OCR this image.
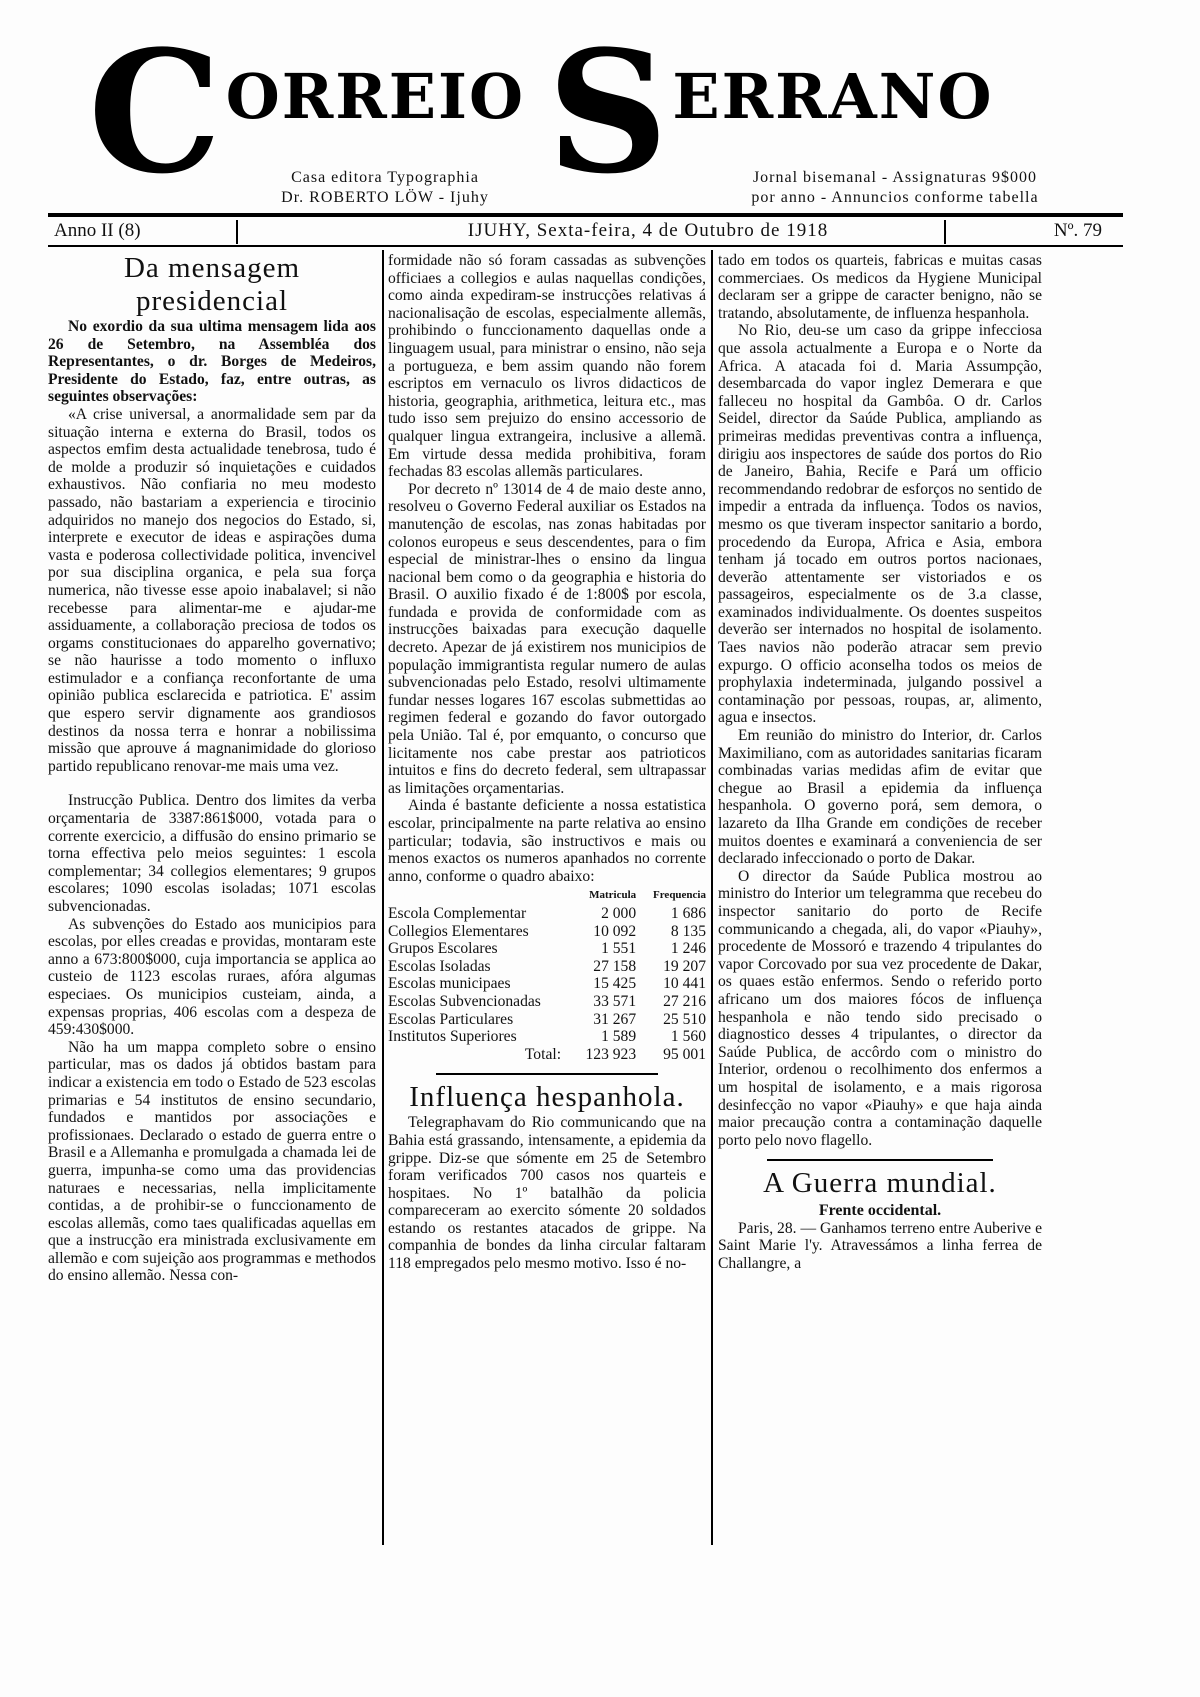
C ORREIO S ERRANO
Casa editora Typographia
Dr. ROBERTO LÖW - Ijuhy
Jornal bisemanal - Assignaturas 9$000
por anno - Annuncios conforme tabella
Anno II (8)	IJUHY, Sexta-feira, 4 de Outubro de 1918	Nº. 79
Da mensagem presidencial

No exordio da sua ultima mensagem lida aos 26 de Setembro, na Assembléa dos Representantes, o dr. Borges de Medeiros, Presidente do Estado, faz, entre outras, as seguintes observações:

«A crise universal, a anormalidade sem par da situação interna e externa do Brasil, todos os aspectos emfim desta actualidade tenebrosa, tudo é de molde a produzir só inquietações e cuidados exhaustivos. Não confiaria no meu modesto passado, não bastariam a experiencia e tirocinio adquiridos no manejo dos negocios do Estado, si, interprete e executor de ideas e aspirações duma vasta e poderosa collectividade politica, invencivel por sua disciplina organica, e pela sua força numerica, não tivesse esse apoio inabalavel; si não recebesse para alimentar-me e ajudar-me assiduamente, a collaboração preciosa de todos os orgams constitucionaes do apparelho governativo; se não haurisse a todo momento o influxo estimulador e a confiança reconfortante de uma opinião publica esclarecida e patriotica. E' assim que espero servir dignamente aos grandiosos destinos da nossa terra e honrar a nobilissima missão que aprouve á magnanimidade do glorioso partido republicano renovar-me mais uma vez.

Instrucção Publica. Dentro dos limites da verba orçamentaria de 3387:861$000, votada para o corrente exercicio, a diffusão do ensino primario se torna effectiva pelo meios seguintes: 1 escola complementar; 34 collegios elementares; 9 grupos escolares; 1090 escolas isoladas; 1071 escolas subvencionadas.

As subvenções do Estado aos municipios para escolas, por elles creadas e providas, montaram este anno a 673:800$000, cuja importancia se applica ao custeio de 1123 escolas ruraes, afóra algumas especiaes. Os municipios custeiam, ainda, a expensas proprias, 406 escolas com a despeza de 459:430$000.

Não ha um mappa completo sobre o ensino particular, mas os dados já obtidos bastam para indicar a existencia em todo o Estado de 523 escolas primarias e 54 institutos de ensino secundario, fundados e mantidos por associações e profissionaes. Declarado o estado de guerra entre o Brasil e a Allemanha e promulgada a chamada lei de guerra, impunha-se como uma das providencias naturaes e necessarias, nella implicitamente contidas, a de prohibir-se o funccionamento de escolas allemãs, como taes qualificadas aquellas em que a instrucção era ministrada exclusivamente em allemão e com sujeição aos programmas e methodos do ensino allemão. Nessa con-

formidade não só foram cassadas as subvenções officiaes a collegios e aulas naquellas condições, como ainda expediram-se instrucções relativas á nacionalisação de escolas, especialmente allemãs, prohibindo o funccionamento daquellas onde a linguagem usual, para ministrar o ensino, não seja a portugueza, e bem assim quando não forem escriptos em vernaculo os livros didacticos de historia, geographia, arithmetica, leitura etc., mas tudo isso sem prejuizo do ensino accessorio de qualquer lingua extrangeira, inclusive a allemã. Em virtude dessa medida prohibitiva, foram fechadas 83 escolas allemãs particulares.

Por decreto nº 13014 de 4 de maio deste anno, resolveu o Governo Federal auxiliar os Estados na manutenção de escolas, nas zonas habitadas por colonos europeus e seus descendentes, para o fim especial de ministrar-lhes o ensino da lingua nacional bem como o da geographia e historia do Brasil. O auxilio fixado é de 1:800$ por escola, fundada e provida de conformidade com as instrucções baixadas para execução daquelle decreto. Apezar de já existirem nos municipios de população immigrantista regular numero de aulas subvencionadas pelo Estado, resolvi ultimamente fundar nesses logares 167 escolas submettidas ao regimen federal e gozando do favor outorgado pela União. Tal é, por emquanto, o concurso que licitamente nos cabe prestar aos patrioticos intuitos e fins do decreto federal, sem ultrapassar as limitações orçamentarias.

Ainda é bastante deficiente a nossa estatistica escolar, principalmente na parte relativa ao ensino particular; todavia, são instructivos e mais ou menos exactos os numeros apanhados no corrente anno, conforme o quadro abaixo:

	Matricula	Frequencia
Escola Complementar	2 000	1 686
Collegios Elementares	10 092	8 135
Grupos Escolares	1 551	1 246
Escolas Isoladas	27 158	19 207
Escolas municipaes	15 425	10 441
Escolas Subvencionadas	33 571	27 216
Escolas Particulares	31 267	25 510
Institutos Superiores	1 589	1 560
Total:	123 923	95 001
Influença hespanhola.

Telegraphavam do Rio communicando que na Bahia está grassando, intensamente, a epidemia da grippe. Diz-se que sómente em 25 de Setembro foram verificados 700 casos nos quarteis e hospitaes. No 1º batalhão da policia compareceram ao exercito sómente 20 soldados estando os restantes atacados de grippe. Na companhia de bondes da linha circular faltaram 118 empregados pelo mesmo motivo. Isso é no-

tado em todos os quarteis, fabricas e muitas casas commerciaes. Os medicos da Hygiene Municipal declaram ser a grippe de caracter benigno, não se tratando, absolutamente, de influenza hespanhola.

No Rio, deu-se um caso da grippe infecciosa que assola actualmente a Europa e o Norte da Africa. A atacada foi d. Maria Assumpção, desembarcada do vapor inglez Demerara e que falleceu no hospital da Gambôa. O dr. Carlos Seidel, director da Saúde Publica, ampliando as primeiras medidas preventivas contra a influença, dirigiu aos inspectores de saúde dos portos do Rio de Janeiro, Bahia, Recife e Pará um officio recommendando redobrar de esforços no sentido de impedir a entrada da influença. Todos os navios, mesmo os que tiveram inspector sanitario a bordo, procedendo da Europa, Africa e Asia, embora tenham já tocado em outros portos nacionaes, deverão attentamente ser vistoriados e os passageiros, especialmente os de 3.a classe, examinados individualmente. Os doentes suspeitos deverão ser internados no hospital de isolamento. Taes navios não poderão atracar sem previo expurgo. O officio aconselha todos os meios de prophylaxia indeterminada, julgando possivel a contaminação por pessoas, roupas, ar, alimento, agua e insectos.

Em reunião do ministro do Interior, dr. Carlos Maximiliano, com as autoridades sanitarias ficaram combinadas varias medidas afim de evitar que chegue ao Brasil a epidemia da influença hespanhola. O governo porá, sem demora, o lazareto da Ilha Grande em condições de receber muitos doentes e examinará a conveniencia de ser declarado infeccionado o porto de Dakar.

O director da Saúde Publica mostrou ao ministro do Interior um telegramma que recebeu do inspector sanitario do porto de Recife communicando a chegada, ali, do vapor «Piauhy», procedente de Mossoró e trazendo 4 tripulantes do vapor Corcovado por sua vez procedente de Dakar, os quaes estão enfermos. Sendo o referido porto africano um dos maiores fócos de influença hespanhola e não tendo sido precisado o diagnostico desses 4 tripulantes, o director da Saúde Publica, de accôrdo com o ministro do Interior, ordenou o recolhimento dos enfermos a um hospital de isolamento, e a mais rigorosa desinfecção no vapor «Piauhy» e que haja ainda maior precaução contra a contaminação daquelle porto pelo novo flagello.

A Guerra mundial.
Frente occidental.

Paris, 28. — Ganhamos terreno entre Auberive e Saint Marie l'y. Atravessámos a linha ferrea de Challangre, a
